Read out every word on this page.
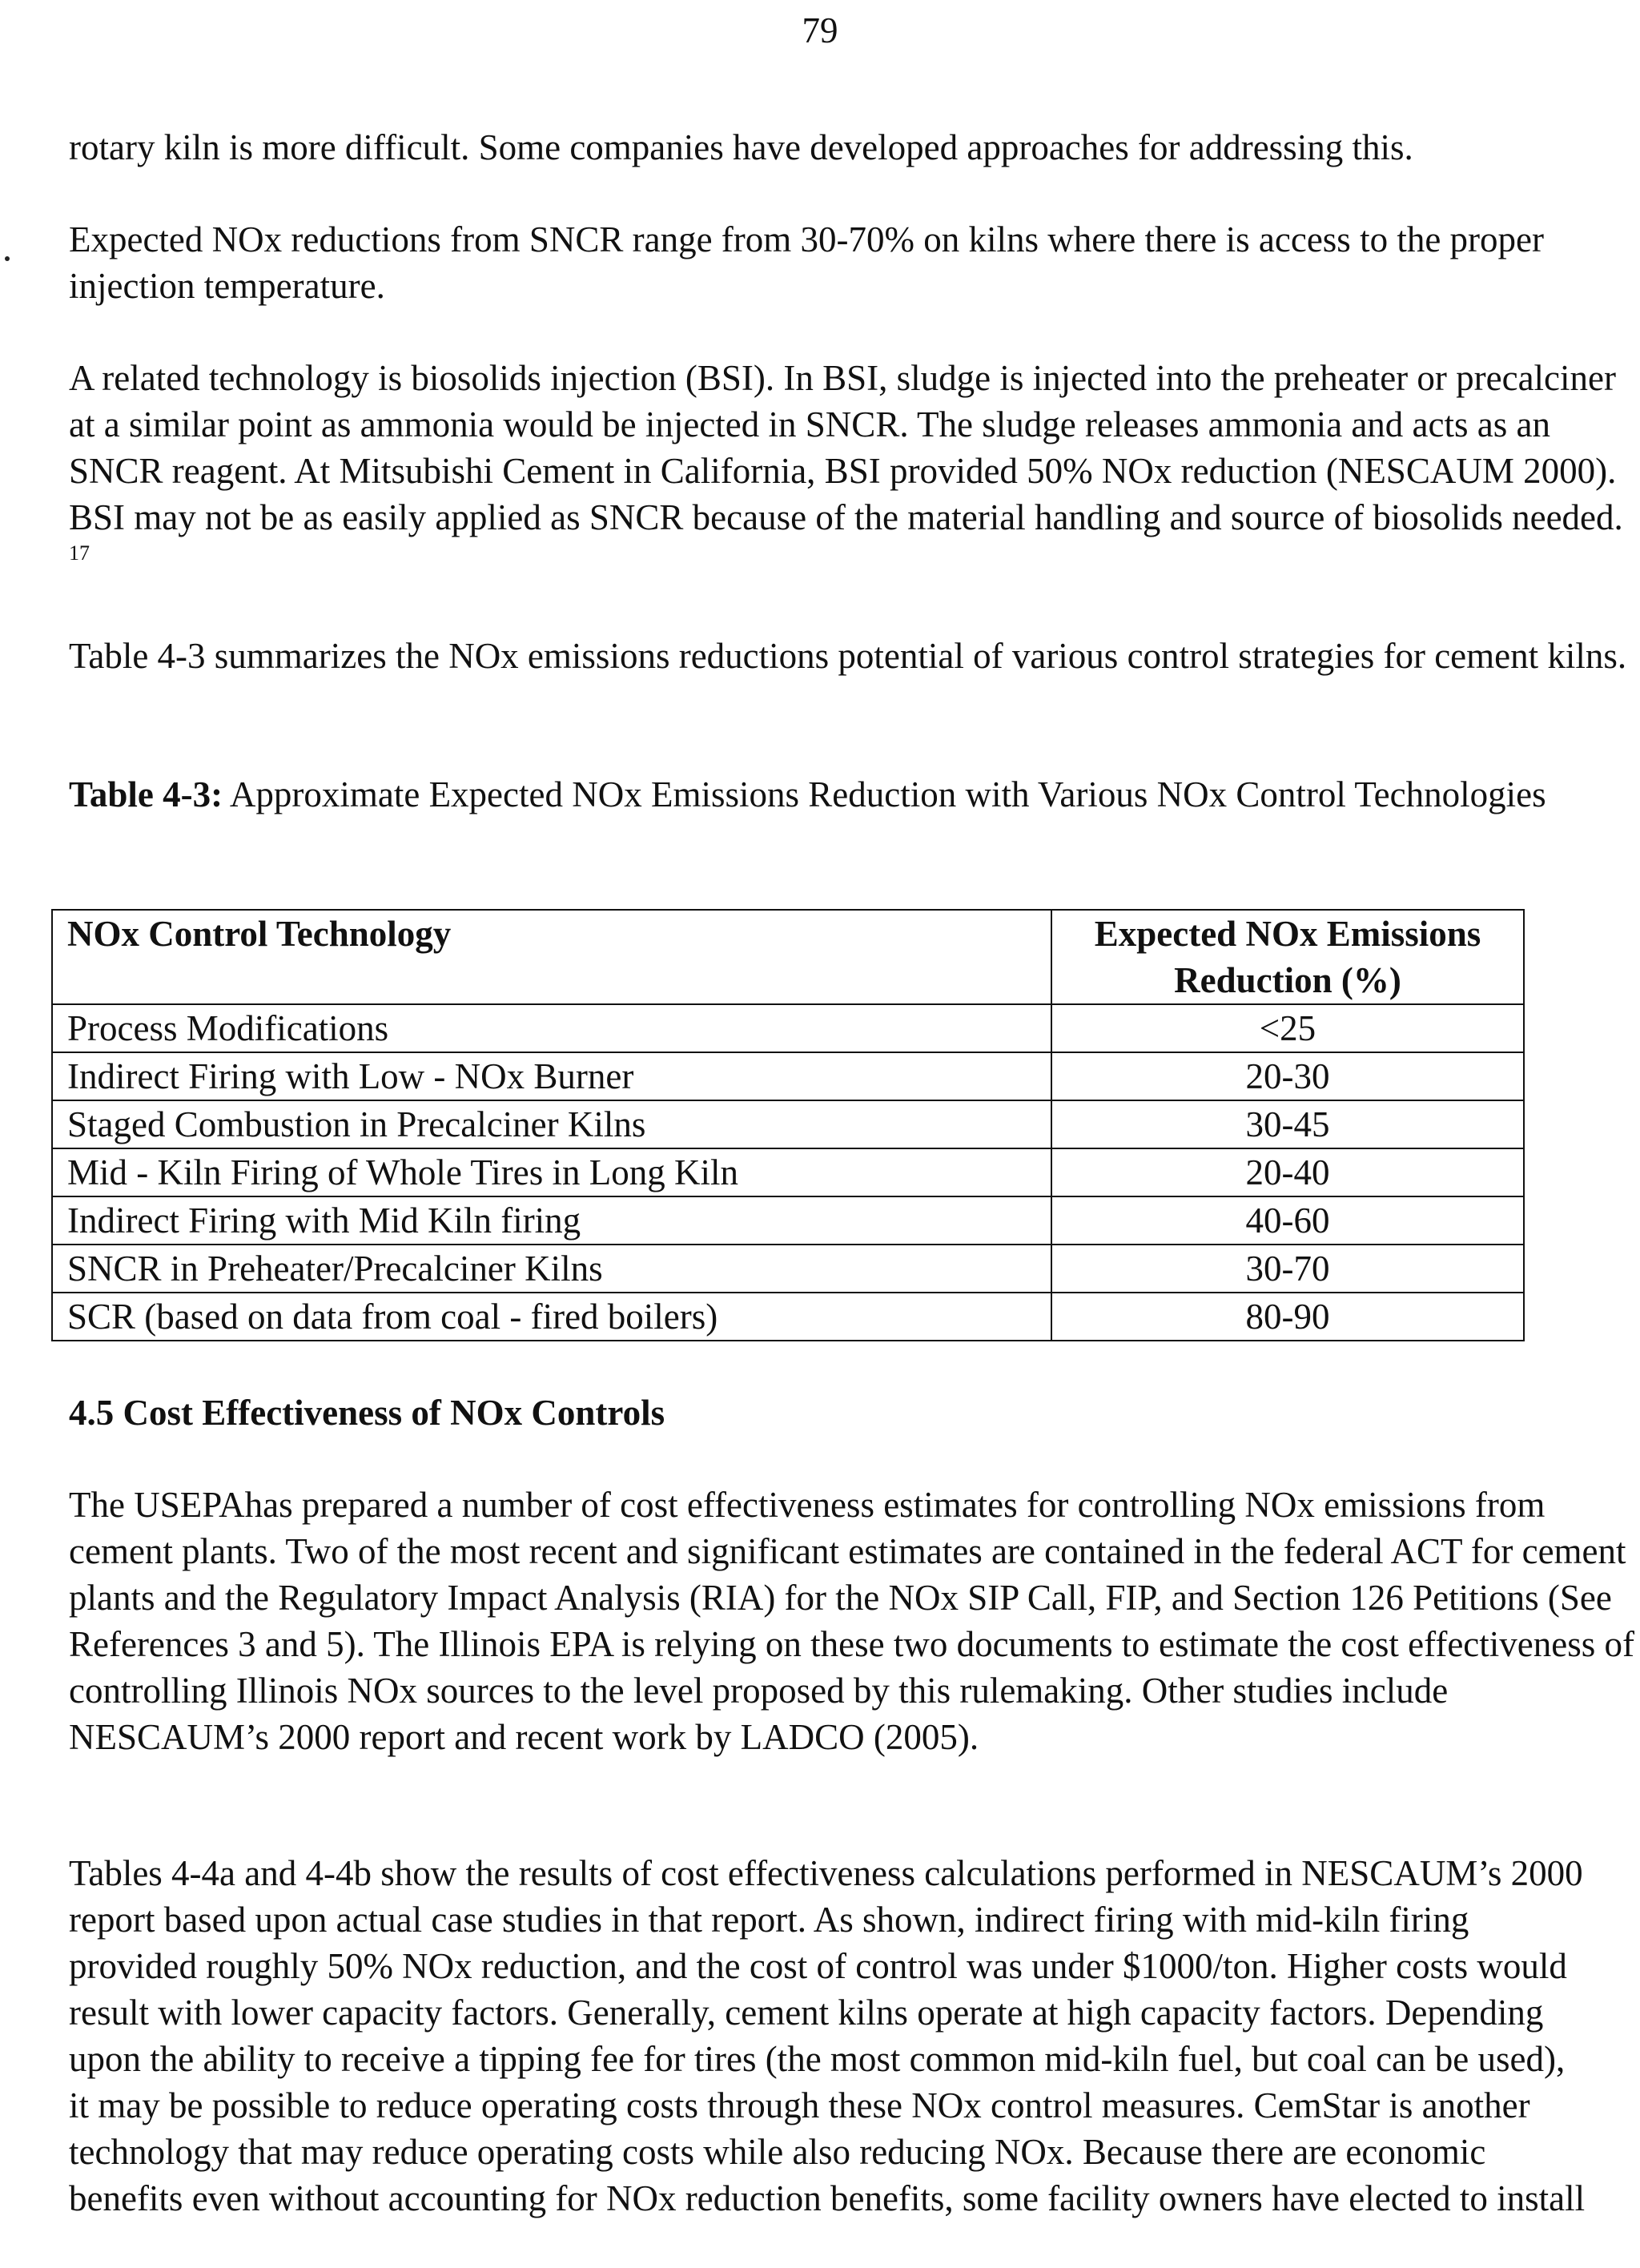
79

rotary kiln is more difficult. Some companies have developed approaches for addressing this.

Expected NOx reductions from SNCR range from 30-70% on kilns where there is access to the proper injection temperature.

A related technology is biosolids injection (BSI). In BSI, sludge is injected into the preheater or precalciner at a similar point as ammonia would be injected in SNCR. The sludge releases ammonia and acts as an SNCR reagent. At Mitsubishi Cement in California, BSI provided 50% NOx reduction (NESCAUM 2000). BSI may not be as easily applied as SNCR because of the material handling and source of biosolids needed. $^{17}$

Table 4-3 summarizes the NOx emissions reductions potential of various control strategies for cement kilns.

Table 4-3: Approximate Expected NOx Emissions Reduction with Various NOx Control Technologies

NOx Control Technology	Expected NOx Emissions Reduction (%)
Process Modifications	<25
Indirect Firing with Low - NOx Burner	20-30
Staged Combustion in Precalciner Kilns	30-45
Mid - Kiln Firing of Whole Tires in Long Kiln	20-40
Indirect Firing with Mid Kiln firing	40-60
SNCR in Preheater/Precalciner Kilns	30-70
SCR (based on data from coal - fired boilers)	80-90
4.5 Cost Effectiveness of NOx Controls

The USEPAhas prepared a number of cost effectiveness estimates for controlling NOx emissions from cement plants. Two of the most recent and significant estimates are contained in the federal ACT for cement plants and the Regulatory Impact Analysis (RIA) for the NOx SIP Call, FIP, and Section 126 Petitions (See References 3 and 5). The Illinois EPA is relying on these two documents to estimate the cost effectiveness of controlling Illinois NOx sources to the level proposed by this rulemaking. Other studies include NESCAUM’s 2000 report and recent work by LADCO (2005).

Tables 4-4a and 4-4b show the results of cost effectiveness calculations performed in NESCAUM’s 2000 report based upon actual case studies in that report. As shown, indirect firing with mid-kiln firing provided roughly 50% NOx reduction, and the cost of control was under $1000/ton. Higher costs would result with lower capacity factors. Generally, cement kilns operate at high capacity factors. Depending upon the ability to receive a tipping fee for tires (the most common mid-kiln fuel, but coal can be used), it may be possible to reduce operating costs through these NOx control measures. CemStar is another technology that may reduce operating costs while also reducing NOx. Because there are economic benefits even without accounting for NOx reduction benefits, some facility owners have elected to install
